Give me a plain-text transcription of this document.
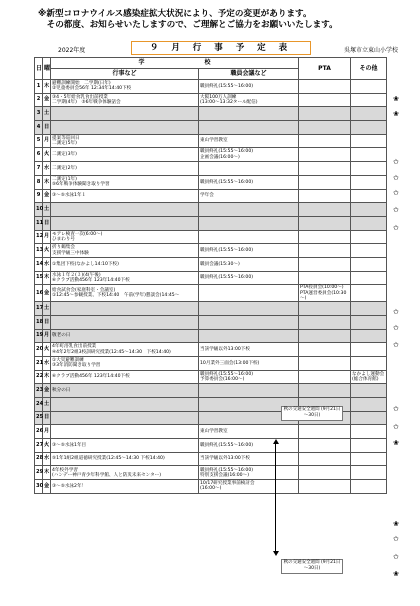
※新型コロナウイルス感染症拡大状況により、予定の変更があります。
　その都度、お知らせいたしますので、ご理解とご協力をお願いいたします。
2022年度	９ 月 行 事 予 定 表	吳塚市立東山小学校
日	曜	学　　　　　　　　　　校		PTA	その他
		行事など	職員会議など		
1	木	避難訓練開始　二学期(日年)
②児童委員会56年 12:34年14:40下校	職員終礼(15:55～16:00)		
2	金	③4・5年給食乳食出前授業
二学期(4年)　⑤6年戦争体験話会	大阪100万人訓練
(13:00～13:32タール配信)		
3	土				
4	日				
5	月	提案等巡回日
二測定(5年)	東山学習教室		
6	火	二測定(3年)	職員終礼(15:55～16:00)
企画会議(16:00～)		
7	水	二測定(2年)			
8	木	二測定(1年)
⑤6年戦争体験聞き取り学習	職員終礼(15:55～16:00)		
9	金	③～⑤水泳1年１	学年会		
10	土				
11	日				
12	月	モアレ検査一次(6:00～)
ひまわり号			
13	火	折り鶴集会
支援学級三中体験	職員終礼(15:55～16:00)		
14	水	①集団下校(なかよし14:10下校)	職員会議(15:30～)		
15	木	水泳１年２(３)(4(午後)
⑥クラブ活動456年 123年14:40下校	職員終礼(15:55～16:00)		
16	金	給食試食会(家庭科室・会議室)
①12:45～参観授業、下校14:40　午前(学年)懇談会(14:45～		PTA役員会(10:00～)
PTA運営委員会(10:30～)	
17	土				
18	日				
19	月	敬老の日			
20	火	4年町浴乳食出前授業
④4年2年2組3校訓研究授業(12:45～14:30　下校14:40)	当該学級以外13:00下校		
21	水	①大災避難訓練
③3年消防聞き取り学習	10月業外三面会(13:00下校)		
22	木	⑥クラブ活動456年 123年14:40下校	職員終礼(15:55～16:00)
予算委員会(16:00～)		なかよし運動会
(総合体育館)
23	金	秋分の日			
24	土				
25	日				
26	月		東山学習教室		
27	火	③～⑤水泳1年目	職員終礼(15:55～16:00)		
28	水	⑤1年1組2組道徳研究授業(12:45～14:30 下校14:40)	当該学級以外13:00下校		
29	木	4年校外学習
(ハンデー神戸青少年科学館、人と防災未来センター)	職員終礼(15:55～16:00)
特別支援会議(16:00～)		
30	金	③～⑤水泳2年！	10/17研究授業事前検討会
(16:00～)		
秋の交通安全週間 (9月21日～30日)
秋の交通安全週間 (9月21日～30日)
❀
❀
✩
✩
✩
✩
✩
✩
✩
✩
✩
✩
❀
❀
✩
✩
❀
